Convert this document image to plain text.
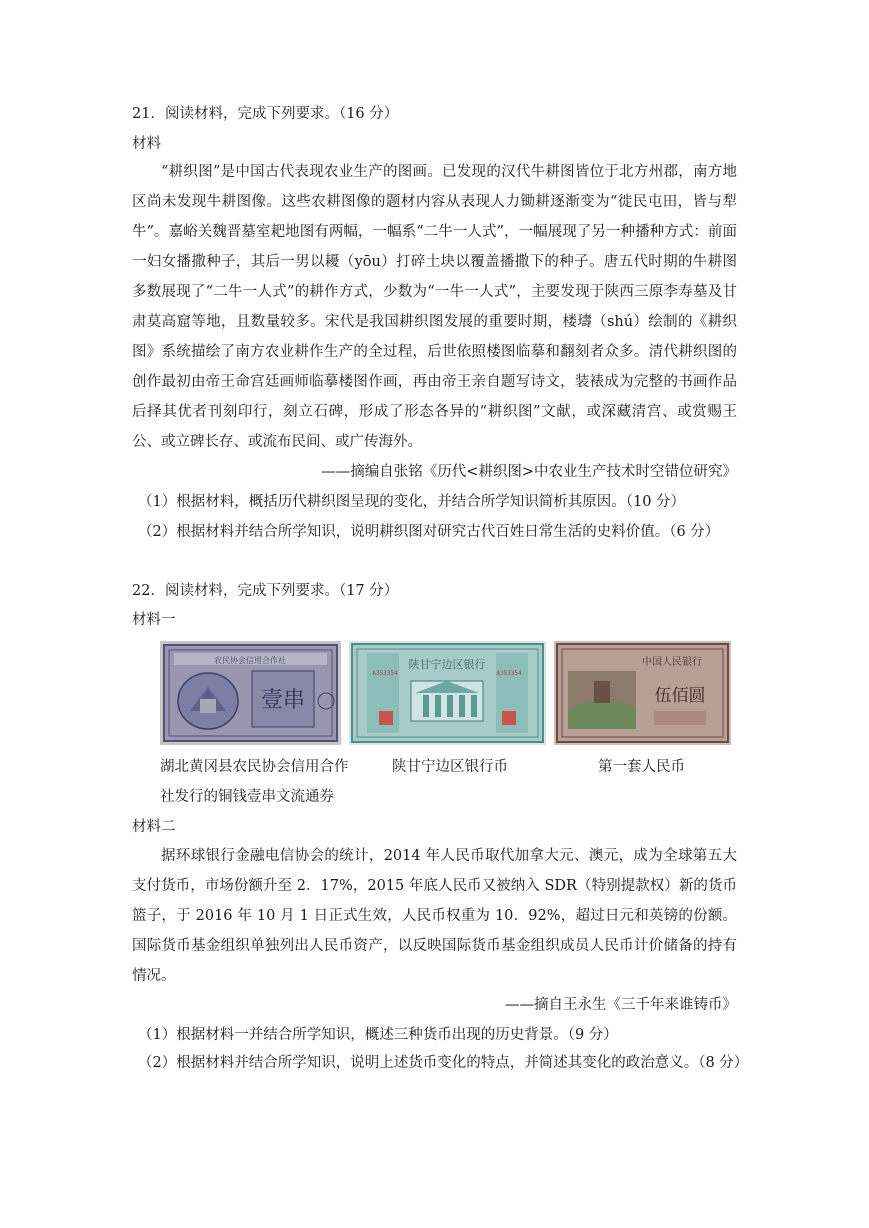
21．阅读材料，完成下列要求。（16 分）
材料
“耕织图”是中国古代表现农业生产的图画。已发现的汉代牛耕图皆位于北方州郡，南方地区尚未发现牛耕图像。这些农耕图像的题材内容从表现人力锄耕逐渐变为“徙民屯田，皆与犁牛”。嘉峪关魏晋墓室耙地图有两幅，一幅系“二牛一人式”，一幅展现了另一种播种方式：前面一妇女播撒种子，其后一男以耰（yōu）打碎土块以覆盖播撒下的种子。唐五代时期的牛耕图多数展现了“二牛一人式”的耕作方式，少数为“一牛一人式”，主要发现于陕西三原李寿墓及甘肃莫高窟等地，且数量较多。宋代是我国耕织图发展的重要时期，楼璹（shú）绘制的《耕织图》系统描绘了南方农业耕作生产的全过程，后世依照楼图临摹和翻刻者众多。清代耕织图的创作最初由帝王命宫廷画师临摹楼图作画，再由帝王亲自题写诗文，装裱成为完整的书画作品后择其优者刊刻印行，刻立石碑，形成了形态各异的“耕织图”文献，或深藏清宫、或赏赐王公、或立碑长存、或流布民间、或广传海外。
——摘编自张铭《历代<耕织图>中农业生产技术时空错位研究》
（1）根据材料，概括历代耕织图呈现的变化，并结合所学知识简析其原因。（10 分）
（2）根据材料并结合所学知识，说明耕织图对研究古代百姓日常生活的史料价值。（6 分）
22．阅读材料，完成下列要求。（17 分）
材料一
农民协会信用合作社
壹串
陕甘宁边区银行
A353354	A353354
中国人民银行
伍佰圆
湖北黄冈县农民协会信用合作
社发行的铜钱壹串文流通券
陕甘宁边区银行币	第一套人民币
材料二
据环球银行金融电信协会的统计，2014 年人民币取代加拿大元、澳元，成为全球第五大支付货币，市场份额升至 2．17%，2015 年底人民币又被纳入 SDR（特别提款权）新的货币篮子，于 2016 年 10 月 1 日正式生效，人民币权重为 10．92%，超过日元和英镑的份额。国际货币基金组织单独列出人民币资产，以反映国际货币基金组织成员人民币计价储备的持有情况。
——摘自王永生《三千年来谁铸币》
（1）根据材料一并结合所学知识，概述三种货币出现的历史背景。（9 分）
（2）根据材料并结合所学知识，说明上述货币变化的特点，并简述其变化的政治意义。（8 分）
